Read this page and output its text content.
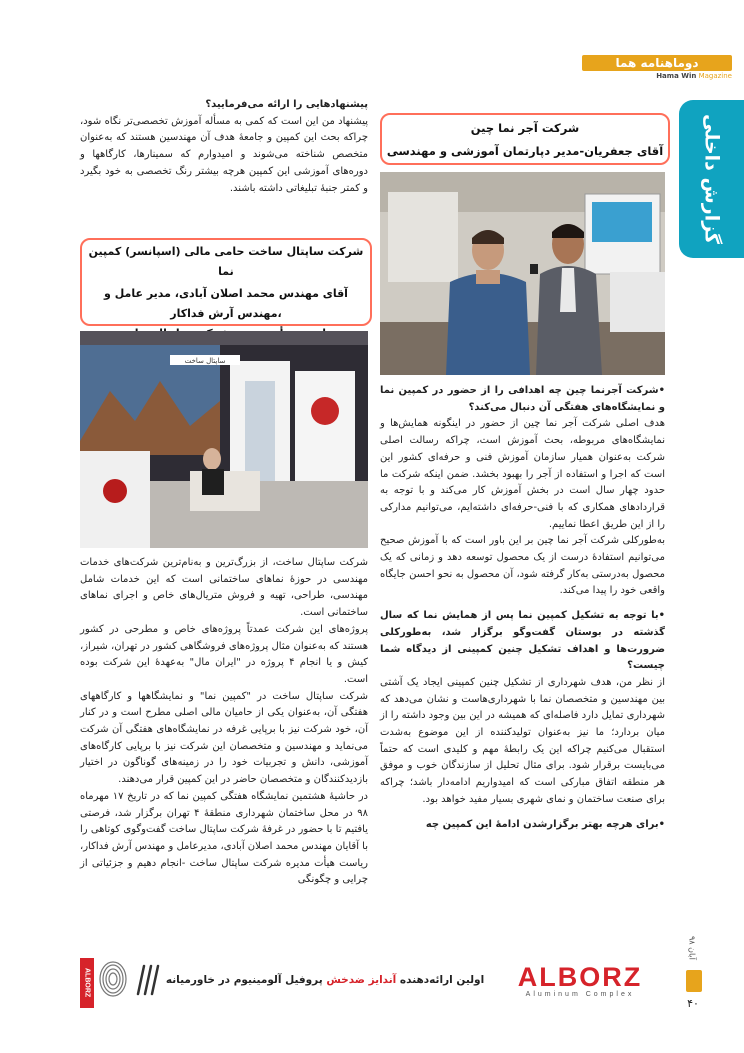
دوماهنامه هما
Hama Win Magazine
گزارش داخلی
شرکت آجر نما چین
آقای جعفریان-مدیر دپارتمان آموزشی و مهندسی
شرکت ساپتال ساخت حامی مالی (اسپانسر) کمپین نما
آقای مهندس محمد اصلان آبادی، مدیر عامل و
مهندس آرش فداکار،
ساپتال ساخت

پیشنهادهایی را ارائه می‌فرمایید؟

پیشنهاد من این است که کمی به مسأله آموزش تخصصی‌تر نگاه شود، چراکه بحث این کمپین و جامعهٔ هدف آن مهندسین هستند که به‌عنوان متخصص شناخته می‌شوند و امیدوارم که سمینارها، کارگاهها و دوره‌های آموزشی این کمپین هرچه بیشتر رنگ تخصصی به خود بگیرد و کمتر جنبهٔ تبلیغاتی داشته باشند.

شرکت ساپتال ساخت، از بزرگ‌ترین و به‌نام‌ترین شرکت‌های خدمات مهندسی در حوزهٔ نماهای ساختمانی است که این خدمات شامل مهندسی، طراحی، تهیه و فروش متریال‌های خاص و اجرای نماهای ساختمانی است.

پروژه‌های این شرکت عمدتاً پروژه‌های خاص و مطرحی در کشور هستند که به‌عنوان مثال پروژه‌های فروشگاهی کشور در تهران، شیراز، کیش و یا انجام ۴ پروژه در "ایران مال" به‌عهدهٔ این شرکت بوده است.

شرکت ساپتال ساخت در "کمپین نما" و نمایشگاهها و کارگاههای هفتگی آن، به‌عنوان یکی از حامیان مالی اصلی مطرح است و در کنار آن، خود شرکت نیز با برپایی غرفه در نمایشگاه‌های هفتگی آن شرکت می‌نماید و مهندسین و متخصصان این شرکت نیز با برپایی کارگاه‌های آموزشی، دانش و تجربیات خود را در زمینه‌های گوناگون در اختیار بازدیدکنندگان و متخصصان حاضر در این کمپین قرار می‌دهند.

در حاشیهٔ هشتمین نمایشگاه هفتگی کمپین نما که در تاریخ ۱۷ مهرماه ۹۸ در محل ساختمان شهرداری منطقهٔ ۴ تهران برگزار شد، فرصتی یافتیم تا با حضور در غرفهٔ شرکت ساپتال ساخت گفت‌وگوی کوتاهی را با آقایان مهندس محمد اصلان آبادی، مدیرعامل و مهندس آرش فداکار، ریاست هیأت مدیره شرکت ساپتال ساخت -انجام دهیم و جزئیاتی از چرایی و چگونگی

•شرکت آجرنما چین چه اهدافی را از حضور در کمپین نما و نمایشگاه‌های هفتگی آن دنبال می‌کند؟

هدف اصلی شرکت آجر نما چین از حضور در اینگونه همایش‌ها و نمایشگاه‌های مربوطه، بحث آموزش است، چراکه رسالت اصلی شرکت به‌عنوان همیار سازمان آموزش فنی و حرفه‌ای کشور این است که اجرا و استفاده از آجر را بهبود بخشد. ضمن اینکه شرکت ما حدود چهار سال است در بخش آموزش کار می‌کند و با توجه به قراردادهای همکاری که با فنی-حرفه‌ای داشته‌ایم، می‌توانیم مدارکی را از این طریق اعطا نماییم.

به‌طورکلی شرکت آجر نما چین بر این باور است که با آموزش صحیح می‌توانیم استفادهٔ درست از یک محصول توسعه دهد و زمانی که یک محصول به‌درستی به‌کار گرفته شود، آن محصول به نحو احسن جایگاه واقعی خود را پیدا می‌کند.

•با توجه به تشکیل کمپین نما پس از همایش نما که سال گذشته در بوستان گفت‌وگو برگزار شد، به‌طورکلی ضرورت‌ها و اهداف تشکیل چنین کمپینی از دیدگاه شما چیست؟

از نظر من، هدف شهرداری از تشکیل چنین کمپینی ایجاد یک آشتی بین مهندسین و متخصصان نما با شهرداری‌هاست و نشان می‌دهد که شهرداری تمایل دارد فاصله‌ای که همیشه در این بین وجود داشته را از میان بردارد؛ ما نیز به‌عنوان تولیدکننده از این موضوع به‌شدت استقبال می‌کنیم چراکه این یک رابطهٔ مهم و کلیدی است که حتماً می‌بایست برقرار شود. برای مثال تحلیل از سازندگان خوب و موفق هر منطقه اتفاق مبارکی است که امیدواریم ادامه‌دار باشد؛ چراکه برای صنعت ساختمان و نمای شهری بسیار مفید خواهد بود.

•برای هرچه بهتر برگزارشدن ادامهٔ این کمپین چه

ALBORZ	اولین ارائه‌دهنده آندایز ضدخش پروفیل آلومینیوم در خاورمیانه	ALBORZ
Aluminum Complex
آبان ۹۸
۴۰
